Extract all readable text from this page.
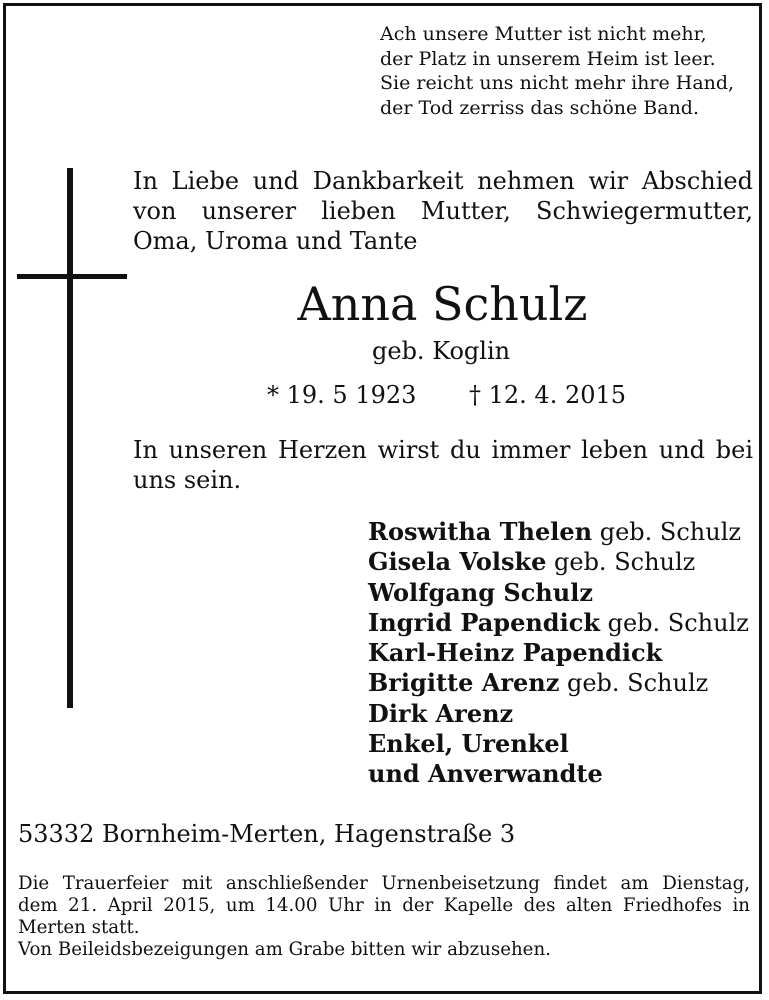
Ach unsere Mutter ist nicht mehr,
der Platz in unserem Heim ist leer.
Sie reicht uns nicht mehr ihre Hand,
der Tod zerriss das schöne Band.
In Liebe und Dankbarkeit nehmen wir Abschied
von unserer lieben Mutter, Schwiegermutter,
Oma, Uroma und Tante
Anna Schulz
geb. Koglin
* 19. 5 1923 † 12. 4. 2015
In unseren Herzen wirst du immer leben und bei
uns sein.
Roswitha Thelen geb. Schulz
Gisela Volske geb. Schulz
Wolfgang Schulz
Ingrid Papendick geb. Schulz
Karl-Heinz Papendick
Brigitte Arenz geb. Schulz
Dirk Arenz
Enkel, Urenkel
und Anverwandte
53332 Bornheim-Merten, Hagenstraße 3
Die Trauerfeier mit anschließender Urnenbeisetzung findet am Dienstag,
dem 21. April 2015, um 14.00 Uhr in der Kapelle des alten Friedhofes in
Merten statt.
Von Beileidsbezeigungen am Grabe bitten wir abzusehen.
